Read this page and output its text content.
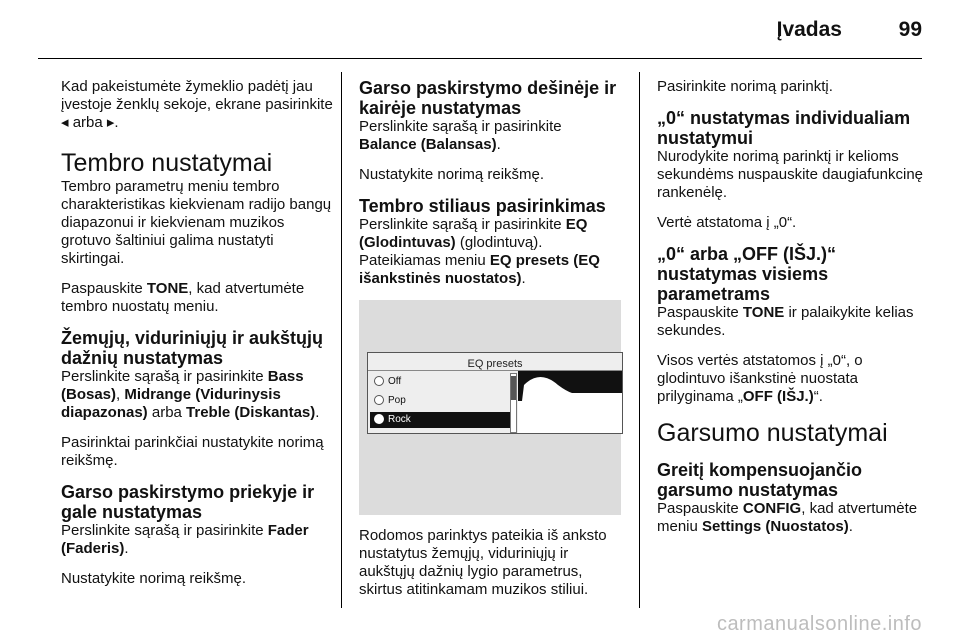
Įvadas	99

Kad pakeistumėte žymeklio padėtį jau įvestoje ženklų sekoje, ekrane pasirinkite ◂ arba ▸.

Tembro nustatymai

Tembro parametrų meniu tembro charakteristikas kiekvienam radijo bangų diapazonui ir kiekvienam muzikos grotuvo šaltiniui galima nustatyti skirtingai.

Paspauskite TONE, kad atvertumėte tembro nuostatų meniu.

Žemųjų, viduriniųjų ir aukštųjų dažnių nustatymas

Perslinkite sąrašą ir pasirinkite Bass (Bosas), Midrange (Vidurinysis diapazonas) arba Treble (Diskantas).

Pasirinktai parinkčiai nustatykite norimą reikšmę.

Garso paskirstymo priekyje ir gale nustatymas

Perslinkite sąrašą ir pasirinkite Fader (Faderis).

Nustatykite norimą reikšmę.

Garso paskirstymo dešinėje ir kairėje nustatymas

Perslinkite sąrašą ir pasirinkite Balance (Balansas).

Nustatykite norimą reikšmę.

Tembro stiliaus pasirinkimas

Perslinkite sąrašą ir pasirinkite EQ (Glodintuvas) (glodintuvą).

Pateikiamas meniu EQ presets (EQ išankstinės nuostatos).

EQ presets
Off
Pop
Rock

Rodomos parinktys pateikia iš anksto nustatytus žemųjų, viduriniųjų ir aukštųjų dažnių lygio parametrus, skirtus atitinkamam muzikos stiliui.

Pasirinkite norimą parinktį.

„0“ nustatymas individualiam nustatymui

Nurodykite norimą parinktį ir kelioms sekundėms nuspauskite daugiafunkcinę rankenėlę.

Vertė atstatoma į „0“.

„0“ arba „OFF (IŠJ.)“ nustatymas visiems parametrams

Paspauskite TONE ir palaikykite kelias sekundes.

Visos vertės atstatomos į „0“, o glodintuvo išankstinė nuostata prilyginama „OFF (IŠJ.)“.

Garsumo nustatymai
Greitį kompensuojančio garsumo nustatymas

Paspauskite CONFIG, kad atvertumėte meniu Settings (Nuostatos).

carmanualsonline.info
